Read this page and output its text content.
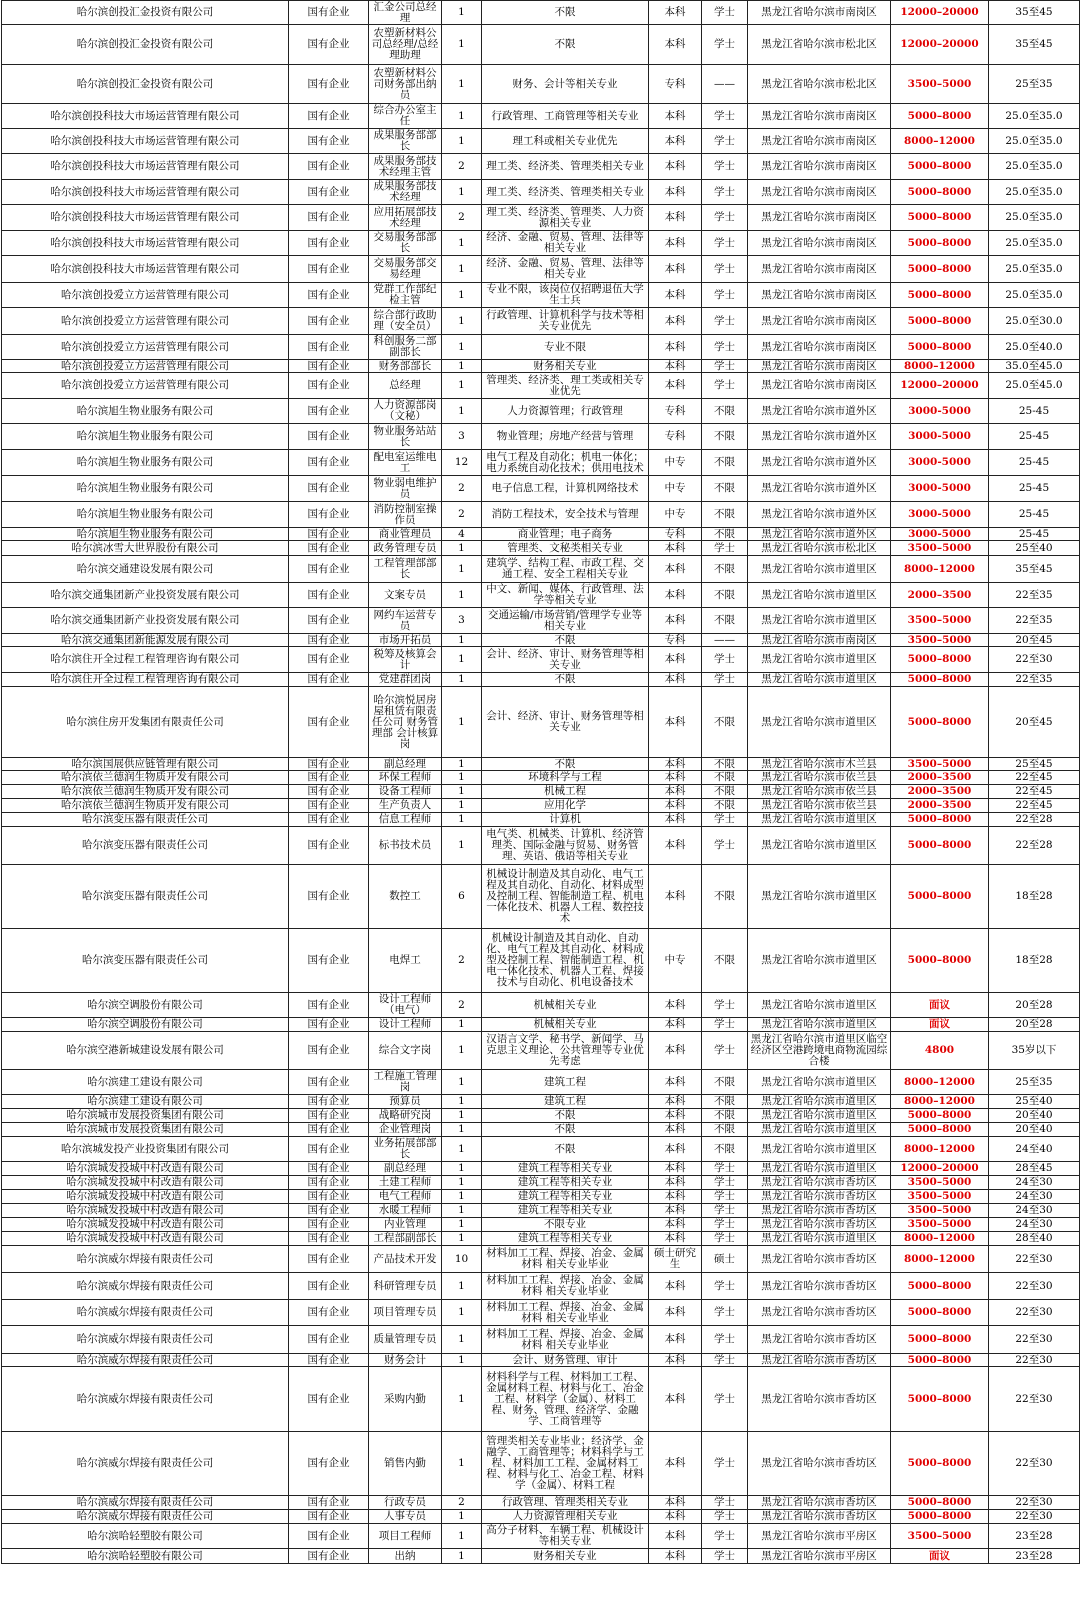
哈尔滨创投汇金投资有限公司	国有企业	汇金公司总经理	1	不限	本科	学士	黑龙江省哈尔滨市南岗区	12000–20000	35至45
哈尔滨创投汇金投资有限公司	国有企业	农塑新材料公司总经理/总经理助理	1	不限	本科	学士	黑龙江省哈尔滨市松北区	12000–20000	35至45
哈尔滨创投汇金投资有限公司	国有企业	农塑新材料公司财务部出纳员	1	财务、会计等相关专业	专科	——	黑龙江省哈尔滨市松北区	3500–5000	25至35
哈尔滨创投科技大市场运营管理有限公司	国有企业	综合办公室主任	1	行政管理、工商管理等相关专业	本科	学士	黑龙江省哈尔滨市南岗区	5000–8000	25.0至35.0
哈尔滨创投科技大市场运营管理有限公司	国有企业	成果服务部部长	1	理工科或相关专业优先	本科	学士	黑龙江省哈尔滨市南岗区	8000–12000	25.0至35.0
哈尔滨创投科技大市场运营管理有限公司	国有企业	成果服务部技术经理主管	2	理工类、经济类、管理类相关专业	本科	学士	黑龙江省哈尔滨市南岗区	5000–8000	25.0至35.0
哈尔滨创投科技大市场运营管理有限公司	国有企业	成果服务部技术经理	1	理工类、经济类、管理类相关专业	本科	学士	黑龙江省哈尔滨市南岗区	5000–8000	25.0至35.0
哈尔滨创投科技大市场运营管理有限公司	国有企业	应用拓展部技术经理	2	理工类、经济类、管理类、人力资源相关专业	本科	学士	黑龙江省哈尔滨市南岗区	5000–8000	25.0至35.0
哈尔滨创投科技大市场运营管理有限公司	国有企业	交易服务部部长	1	经济、金融、贸易、管理、法律等相关专业	本科	学士	黑龙江省哈尔滨市南岗区	5000–8000	25.0至35.0
哈尔滨创投科技大市场运营管理有限公司	国有企业	交易服务部交易经理	1	经济、金融、贸易、管理、法律等相关专业	本科	学士	黑龙江省哈尔滨市南岗区	5000–8000	25.0至35.0
哈尔滨创投爱立方运营管理有限公司	国有企业	党群工作部纪检主管	1	专业不限，该岗位仅招聘退伍大学生士兵	本科	学士	黑龙江省哈尔滨市南岗区	5000–8000	25.0至35.0
哈尔滨创投爱立方运营管理有限公司	国有企业	综合部行政助理（安全员）	1	行政管理、计算机科学与技术等相关专业优先	本科	学士	黑龙江省哈尔滨市南岗区	5000–8000	25.0至30.0
哈尔滨创投爱立方运营管理有限公司	国有企业	科创服务二部副部长	1	专业不限	本科	学士	黑龙江省哈尔滨市南岗区	5000–8000	25.0至40.0
哈尔滨创投爱立方运营管理有限公司	国有企业	财务部部长	1	财务相关专业	本科	学士	黑龙江省哈尔滨市南岗区	8000–12000	35.0至45.0
哈尔滨创投爱立方运营管理有限公司	国有企业	总经理	1	管理类、经济类、理工类或相关专业优先	本科	学士	黑龙江省哈尔滨市南岗区	12000–20000	25.0至45.0
哈尔滨旭生物业服务有限公司	国有企业	人力资源部岗（文秘）	1	人力资源管理；行政管理	专科	不限	黑龙江省哈尔滨市道外区	3000-5000	25-45
哈尔滨旭生物业服务有限公司	国有企业	物业服务站站长	3	物业管理；房地产经营与管理	专科	不限	黑龙江省哈尔滨市道外区	3000-5000	25-45
哈尔滨旭生物业服务有限公司	国有企业	配电室运维电工	12	电气工程及自动化；机电一体化；电力系统自动化技术；供用电技术	中专	不限	黑龙江省哈尔滨市道外区	3000-5000	25-45
哈尔滨旭生物业服务有限公司	国有企业	物业弱电维护员	2	电子信息工程，计算机网络技术	中专	不限	黑龙江省哈尔滨市道外区	3000-5000	25-45
哈尔滨旭生物业服务有限公司	国有企业	消防控制室操作员	2	消防工程技术，安全技术与管理	中专	不限	黑龙江省哈尔滨市道外区	3000-5000	25-45
哈尔滨旭生物业服务有限公司	国有企业	商业管理员	4	商业管理；电子商务	专科	不限	黑龙江省哈尔滨市道外区	3000-5000	25-45
哈尔滨冰雪大世界股份有限公司	国有企业	政务管理专员	1	管理类、文秘类相关专业	本科	学士	黑龙江省哈尔滨市松北区	3500–5000	25至40
哈尔滨交通建设发展有限公司	国有企业	工程管理部部长	1	建筑学、结构工程、市政工程、交通工程、安全工程相关专业	本科	不限	黑龙江省哈尔滨市道里区	8000–12000	35至45
哈尔滨交通集团新产业投资发展有限公司	国有企业	文案专员	1	中文、新闻、媒体、行政管理、法学等相关专业	本科	不限	黑龙江省哈尔滨市道里区	2000–3500	22至35
哈尔滨交通集团新产业投资发展有限公司	国有企业	网约车运营专员	3	交通运输/市场营销/管理学专业等相关专业	本科	不限	黑龙江省哈尔滨市道里区	3500–5000	22至35
哈尔滨交通集团新能源发展有限公司	国有企业	市场开拓员	1	不限	专科	——	黑龙江省哈尔滨市南岗区	3500–5000	20至45
哈尔滨住开全过程工程管理咨询有限公司	国有企业	税筹及核算会计	1	会计、经济、审计、财务管理等相关专业	本科	学士	黑龙江省哈尔滨市道里区	5000–8000	22至30
哈尔滨住开全过程工程管理咨询有限公司	国有企业	党建群团岗	1	不限	本科	学士	黑龙江省哈尔滨市道里区	5000–8000	22至35
哈尔滨住房开发集团有限责任公司	国有企业	哈尔滨悦居房屋租赁有限责任公司 财务管理部 会计核算岗	1	会计、经济、审计、财务管理等相关专业	本科	不限	黑龙江省哈尔滨市道里区	5000–8000	20至45
哈尔滨国展供应链管理有限公司	国有企业	副总经理	1	不限	本科	不限	黑龙江省哈尔滨市木兰县	3500–5000	25至45
哈尔滨依兰德润生物质开发有限公司	国有企业	环保工程师	1	环境科学与工程	本科	不限	黑龙江省哈尔滨市依兰县	2000–3500	22至45
哈尔滨依兰德润生物质开发有限公司	国有企业	设备工程师	1	机械工程	本科	不限	黑龙江省哈尔滨市依兰县	2000–3500	22至45
哈尔滨依兰德润生物质开发有限公司	国有企业	生产负责人	1	应用化学	本科	不限	黑龙江省哈尔滨市依兰县	2000–3500	22至45
哈尔滨变压器有限责任公司	国有企业	信息工程师	1	计算机	本科	学士	黑龙江省哈尔滨市道里区	5000–8000	22至28
哈尔滨变压器有限责任公司	国有企业	标书技术员	1	电气类、机械类、计算机、经济管理类、国际金融与贸易、财务管理、英语、俄语等相关专业	本科	学士	黑龙江省哈尔滨市道里区	5000–8000	22至28
哈尔滨变压器有限责任公司	国有企业	数控工	6	机械设计制造及其自动化、电气工程及其自动化、自动化、材料成型及控制工程、智能制造工程、机电一体化技术、机器人工程、数控技术	本科	不限	黑龙江省哈尔滨市道里区	5000–8000	18至28
哈尔滨变压器有限责任公司	国有企业	电焊工	2	机械设计制造及其自动化、自动化、电气工程及其自动化、材料成型及控制工程、智能制造工程、机电一体化技术、机器人工程、焊接技术与自动化、机电设备技术	中专	不限	黑龙江省哈尔滨市道里区	5000–8000	18至28
哈尔滨空调股份有限公司	国有企业	设计工程师（电气）	2	机械相关专业	本科	学士	黑龙江省哈尔滨市道里区	面议	20至28
哈尔滨空调股份有限公司	国有企业	设计工程师	1	机械相关专业	本科	学士	黑龙江省哈尔滨市道里区	面议	20至28
哈尔滨空港新城建设发展有限公司	国有企业	综合文字岗	1	汉语言文学、秘书学、新闻学、马克思主义理论、公共管理等专业优先考虑	本科	学士	黑龙江省哈尔滨市道里区临空经济区空港跨境电商物流园综合楼	4800	35岁以下
哈尔滨建工建设有限公司	国有企业	工程施工管理岗	1	建筑工程	本科	不限	黑龙江省哈尔滨市道里区	8000–12000	25至35
哈尔滨建工建设有限公司	国有企业	预算员	1	建筑工程	本科	不限	黑龙江省哈尔滨市道里区	8000–12000	25至40
哈尔滨城市发展投资集团有限公司	国有企业	战略研究岗	1	不限	本科	不限	黑龙江省哈尔滨市道里区	5000–8000	20至40
哈尔滨城市发展投资集团有限公司	国有企业	企业管理岗	1	不限	本科	不限	黑龙江省哈尔滨市道里区	5000–8000	20至40
哈尔滨城发投产业投资集团有限公司	国有企业	业务拓展部部长	1	不限	本科	不限	黑龙江省哈尔滨市道里区	8000–12000	24至40
哈尔滨城发投城中村改造有限公司	国有企业	副总经理	1	建筑工程等相关专业	本科	学士	黑龙江省哈尔滨市道里区	12000–20000	28至45
哈尔滨城发投城中村改造有限公司	国有企业	土建工程师	1	建筑工程等相关专业	本科	学士	黑龙江省哈尔滨市香坊区	3500–5000	24至30
哈尔滨城发投城中村改造有限公司	国有企业	电气工程师	1	建筑工程等相关专业	本科	学士	黑龙江省哈尔滨市香坊区	3500–5000	24至30
哈尔滨城发投城中村改造有限公司	国有企业	水暖工程师	1	建筑工程等相关专业	本科	学士	黑龙江省哈尔滨市香坊区	3500–5000	24至30
哈尔滨城发投城中村改造有限公司	国有企业	内业管理	1	不限专业	本科	学士	黑龙江省哈尔滨市香坊区	3500–5000	24至30
哈尔滨城发投城中村改造有限公司	国有企业	工程部副部长	1	建筑工程等相关专业	本科	学士	黑龙江省哈尔滨市道里区	8000–12000	28至40
哈尔滨威尔焊接有限责任公司	国有企业	产品技术开发	10	材料加工工程、焊接、冶金、金属材料 相关专业毕业	硕士研究生	硕士	黑龙江省哈尔滨市香坊区	8000–12000	22至30
哈尔滨威尔焊接有限责任公司	国有企业	科研管理专员	1	材料加工工程、焊接、冶金、金属材料 相关专业毕业	本科	学士	黑龙江省哈尔滨市香坊区	5000–8000	22至30
哈尔滨威尔焊接有限责任公司	国有企业	项目管理专员	1	材料加工工程、焊接、冶金、金属材料 相关专业毕业	本科	学士	黑龙江省哈尔滨市香坊区	5000–8000	22至30
哈尔滨威尔焊接有限责任公司	国有企业	质量管理专员	1	材料加工工程、焊接、冶金、金属材料 相关专业毕业	本科	学士	黑龙江省哈尔滨市香坊区	5000–8000	22至30
哈尔滨威尔焊接有限责任公司	国有企业	财务会计	1	会计、财务管理、审计	本科	学士	黑龙江省哈尔滨市香坊区	5000–8000	22至30
哈尔滨威尔焊接有限责任公司	国有企业	采购内勤	1	材料科学与工程、材料加工工程、金属材料工程、材料与化工、冶金工程、材料学（金属）、材料工程、财务、管理、经济学、金融学、工商管理等	本科	学士	黑龙江省哈尔滨市香坊区	5000–8000	22至30
哈尔滨威尔焊接有限责任公司	国有企业	销售内勤	1	管理类相关专业毕业；经济学、金融学、工商管理等；材料科学与工程、材料加工工程、金属材料工程、材料与化工、冶金工程、材料学（金属）、材料工程	本科	学士	黑龙江省哈尔滨市香坊区	5000–8000	22至30
哈尔滨威尔焊接有限责任公司	国有企业	行政专员	2	行政管理、管理类相关专业	本科	学士	黑龙江省哈尔滨市香坊区	5000–8000	22至30
哈尔滨威尔焊接有限责任公司	国有企业	人事专员	1	人力资源管理相关专业	本科	学士	黑龙江省哈尔滨市香坊区	5000–8000	22至30
哈尔滨哈轻塑胶有限公司	国有企业	项目工程师	1	高分子材料、车辆工程、机械设计等相关专业	本科	学士	黑龙江省哈尔滨市平房区	3500–5000	23至28
哈尔滨哈轻塑胶有限公司	国有企业	出纳	1	财务相关专业	本科	学士	黑龙江省哈尔滨市平房区	面议	23至28
